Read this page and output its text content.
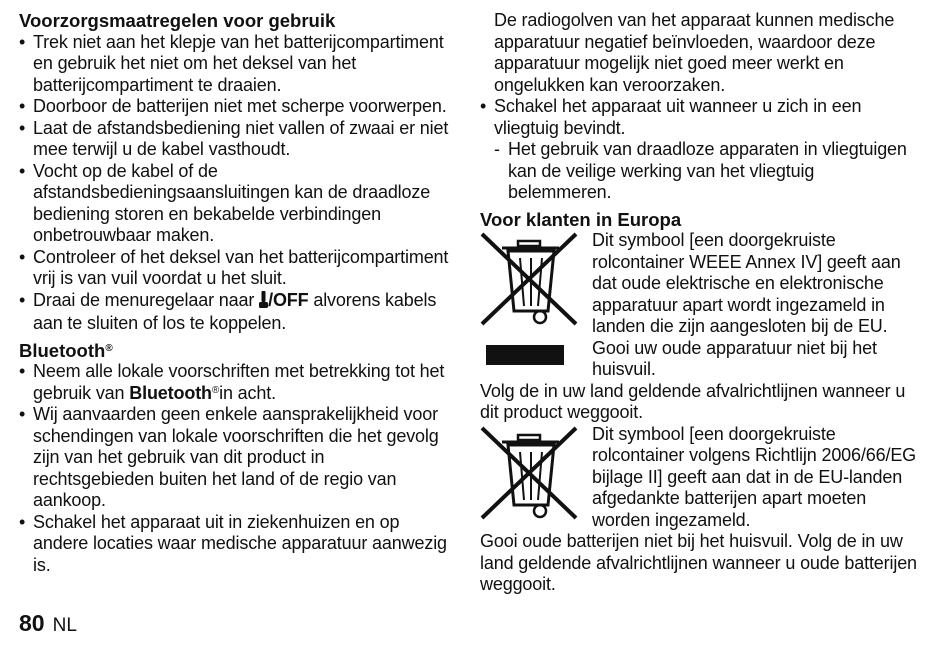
Voorzorgsmaatregelen voor gebruik
• Trek niet aan het klepje van het batterijcompartiment en gebruik het niet om het deksel van het batterijcompartiment te draaien.
• Doorboor de batterijen niet met scherpe voorwerpen.
• Laat de afstandsbediening niet vallen of zwaai er niet mee terwijl u de kabel vasthoudt.
• Vocht op de kabel of de afstandsbedieningsaansluitingen kan de draadloze bediening storen en bekabelde verbindingen onbetrouwbaar maken.
• Controleer of het deksel van het batterijcompartiment vrij is van vuil voordat u het sluit.
• Draai de menuregelaar naar /OFF alvorens kabels aan te sluiten of los te koppelen.
Bluetooth®
• Neem alle lokale voorschriften met betrekking tot het gebruik van Bluetooth®in acht.
• Wij aanvaarden geen enkele aansprakelijkheid voor schendingen van lokale voorschriften die het gevolg zijn van het gebruik van dit product in rechtsgebieden buiten het land of de regio van aankoop.
• Schakel het apparaat uit in ziekenhuizen en op andere locaties waar medische apparatuur aanwezig is.
De radiogolven van het apparaat kunnen medische apparatuur negatief beïnvloeden, waardoor deze apparatuur mogelijk niet goed meer werkt en ongelukken kan veroorzaken.
• Schakel het apparaat uit wanneer u zich in een vliegtuig bevindt.
- Het gebruik van draadloze apparaten in vliegtuigen kan de veilige werking van het vliegtuig belemmeren.
Voor klanten in Europa
Dit symbool [een doorgekruiste rolcontainer WEEE Annex IV] geeft aan dat oude elektrische en elektronische apparatuur apart wordt ingezameld in landen die zijn aangesloten bij de EU. Gooi uw oude apparatuur niet bij het huisvuil.
Volg de in uw land geldende afvalrichtlijnen wanneer u dit product weggooit.
Dit symbool [een doorgekruiste rolcontainer volgens Richtlijn 2006/66/EG bijlage II] geeft aan dat in de EU-landen afgedankte batterijen apart moeten worden ingezameld.
Gooi oude batterijen niet bij het huisvuil. Volg de in uw land geldende afvalrichtlijnen wanneer u oude batterijen weggooit.
80 NL
